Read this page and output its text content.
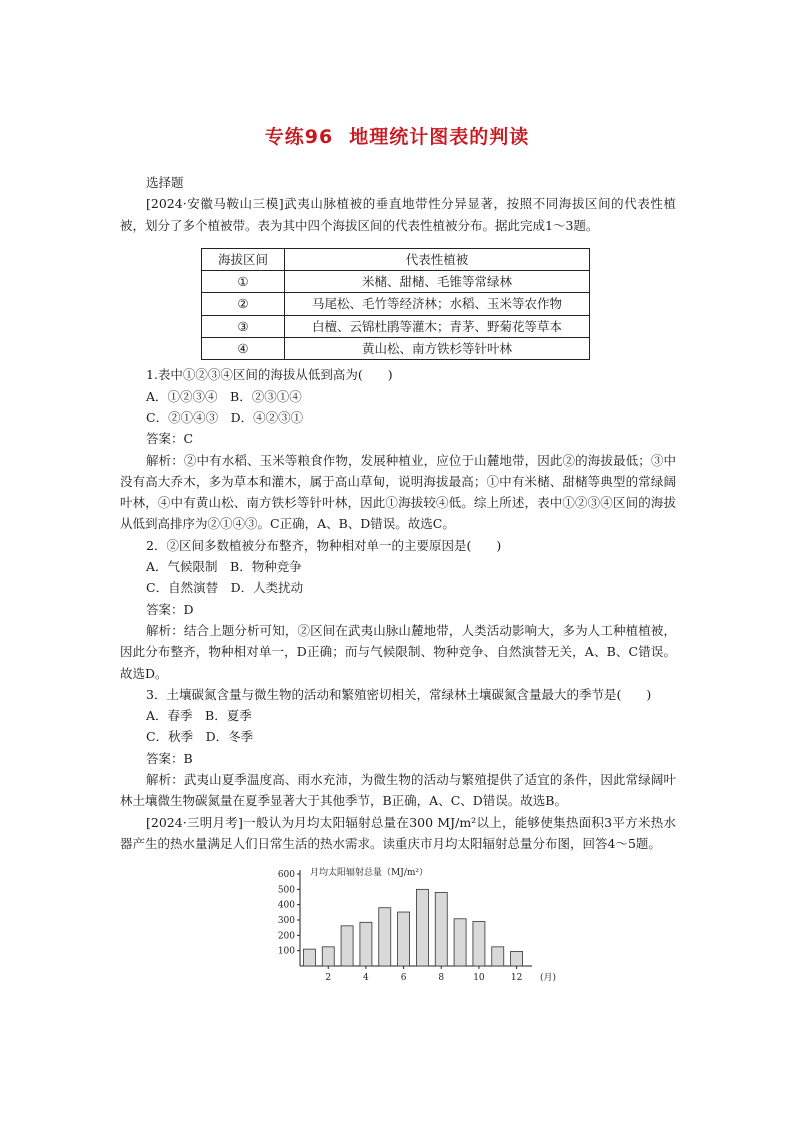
专练96 地理统计图表的判读

选择题

[2024·安徽马鞍山三模]武夷山脉植被的垂直地带性分异显著，按照不同海拔区间的代表性植被，划分了多个植被带。表为其中四个海拔区间的代表性植被分布。据此完成1～3题。

海拔区间	代表性植被
①	米槠、甜槠、毛锥等常绿林
②	马尾松、毛竹等经济林；水稻、玉米等农作物
③	白檀、云锦杜鹃等灌木；青茅、野菊花等草本
④	黄山松、南方铁杉等针叶林

1.表中①②③④区间的海拔从低到高为(　　)

A．①②③④　 B．②③①④

C．②①④③　 D．④②③①

答案：C

解析：②中有水稻、玉米等粮食作物，发展种植业，应位于山麓地带，因此②的海拔最低；③中没有高大乔木，多为草本和灌木，属于高山草甸，说明海拔最高；①中有米槠、甜槠等典型的常绿阔叶林，④中有黄山松、南方铁杉等针叶林，因此①海拔较④低。综上所述，表中①②③④区间的海拔从低到高排序为②①④③。C正确，A、B、D错误。故选C。

2．②区间多数植被分布整齐，物种相对单一的主要原因是(　　)

A．气候限制　 B．物种竞争

C．自然演替　 D．人类扰动

答案：D

解析：结合上题分析可知，②区间在武夷山脉山麓地带，人类活动影响大，多为人工种植植被，因此分布整齐，物种相对单一，D正确；而与气候限制、物种竞争、自然演替无关，A、B、C错误。故选D。

3．土壤碳氮含量与微生物的活动和繁殖密切相关，常绿林土壤碳氮含量最大的季节是(　　)

A．春季　 B．夏季

C．秋季　 D．冬季

答案：B

解析：武夷山夏季温度高、雨水充沛，为微生物的活动与繁殖提供了适宜的条件，因此常绿阔叶林土壤微生物碳氮量在夏季显著大于其他季节，B正确，A、C、D错误。故选B。

[2024·三明月考]一般认为月均太阳辐射总量在300 MJ/m²以上，能够使集热面积3平方米热水器产生的热水量满足人们日常生活的热水需求。读重庆市月均太阳辐射总量分布图，回答4～5题。

100
200
300
400
500
600
2	4	6	8	10	12 (月)
月均太阳辐射总量（MJ/m²）
